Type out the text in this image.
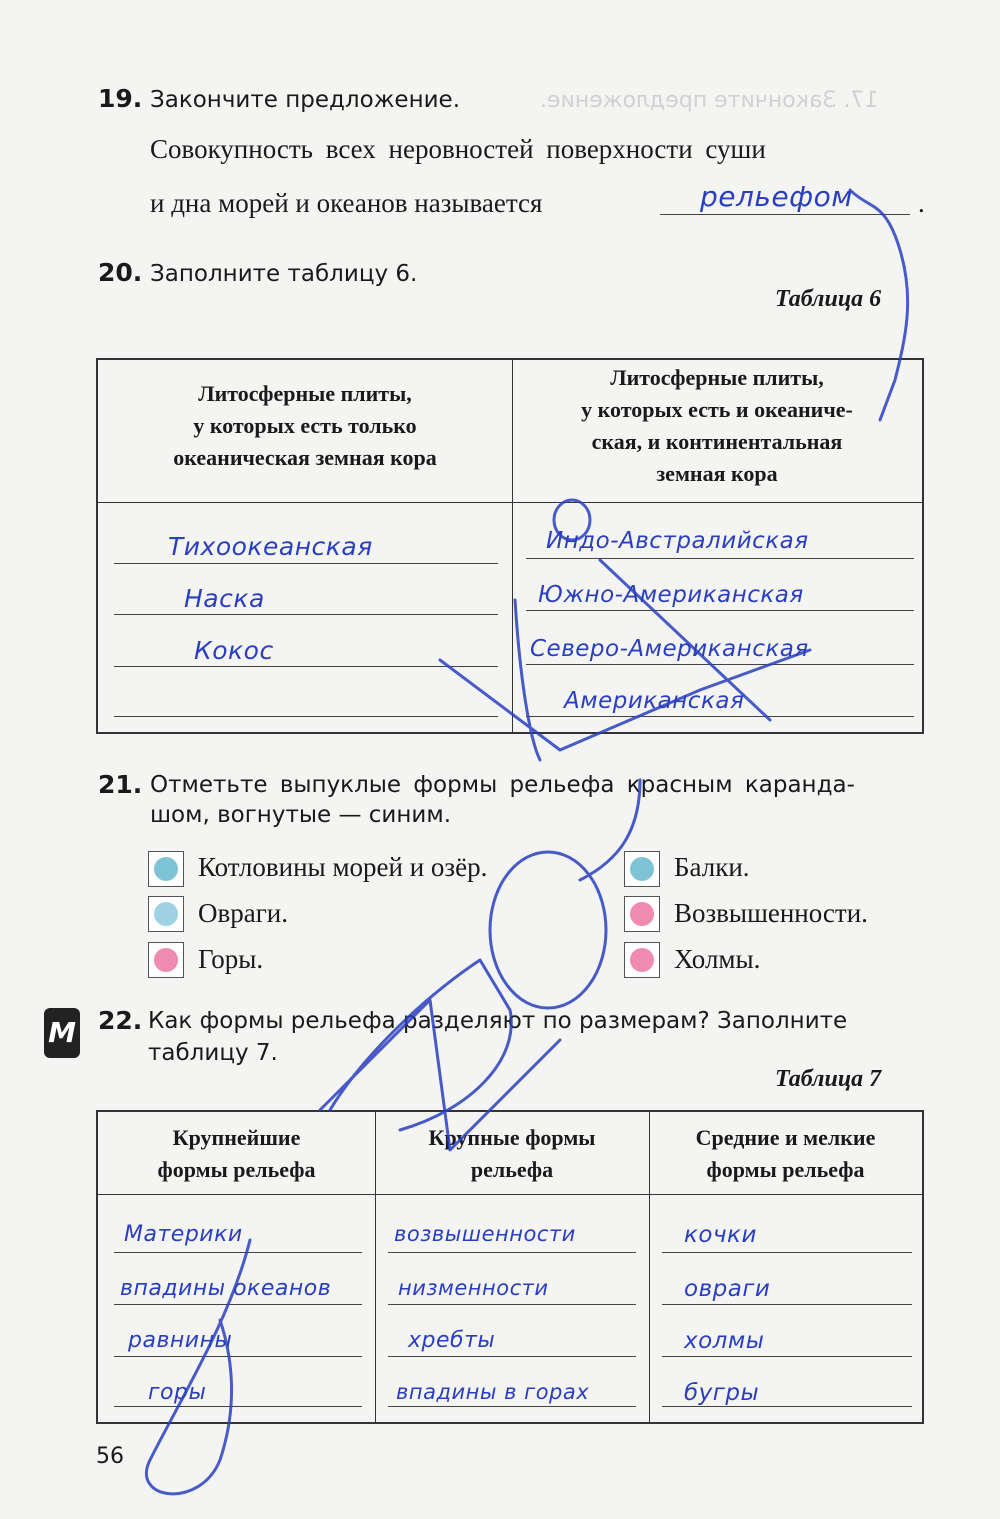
17. Закончите предложение.
19. Закончите предложение.
Совокупность всех неровностей поверхности суши
и дна морей и океанов называется	рельефом .
20. Заполните таблицу 6.
Таблица 6
Литосферные плиты,
у которых есть только
океаническая земная кора
Литосферные плиты,
у которых есть и океаниче-
ская, и континентальная
земная кора
Тихоокеанская
Наска
Кокос
Индо-Австралийская
Южно-Американская
Северо-Американская
Американская
21. Отметьте выпуклые формы рельефа красным каранда-
шом, вогнутые — синим.
Котловины морей и озёр.
Овраги.
Горы.
Балки.
Возвышенности.
Холмы.
М 22. Как формы рельефа разделяют по размерам? Заполните
таблицу 7.
Таблица 7
Крупнейшие
формы рельефа
Крупные формы
рельефа
Средние и мелкие
формы рельефа
Материки
впадины океанов
равнины
горы
возвышенности
низменности
хребты
впадины в горах
кочки
овраги
холмы
бугры
56
